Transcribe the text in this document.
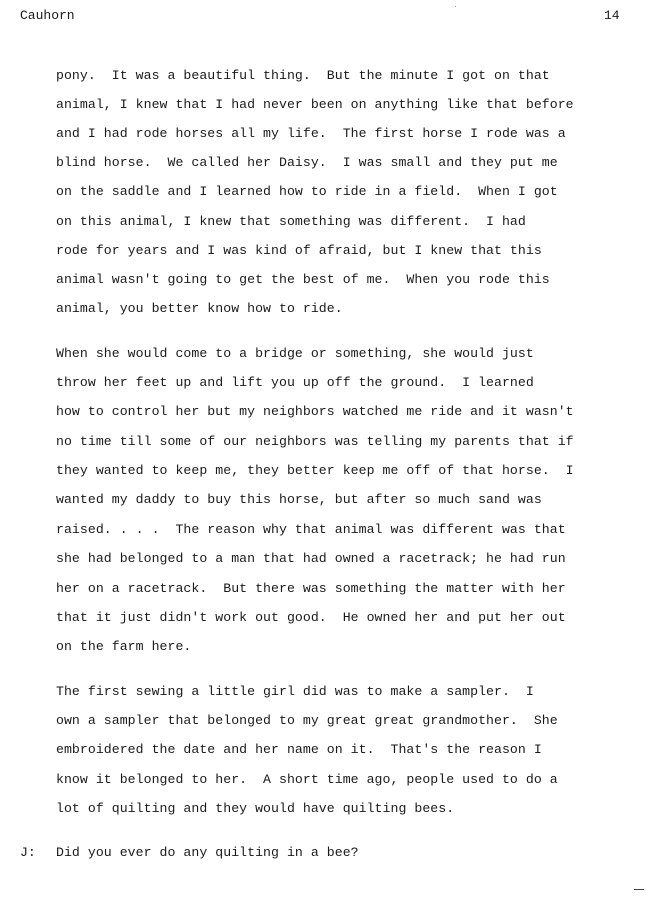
Cauhorn	14
pony.  It was a beautiful thing.  But the minute I got on that
animal, I knew that I had never been on anything like that before
and I had rode horses all my life.  The first horse I rode was a
blind horse.  We called her Daisy.  I was small and they put me
on the saddle and I learned how to ride in a field.  When I got
on this animal, I knew that something was different.  I had
rode for years and I was kind of afraid, but I knew that this
animal wasn't going to get the best of me.  When you rode this
animal, you better know how to ride.
When she would come to a bridge or something, she would just
throw her feet up and lift you up off the ground.  I learned
how to control her but my neighbors watched me ride and it wasn't
no time till some of our neighbors was telling my parents that if
they wanted to keep me, they better keep me off of that horse.  I
wanted my daddy to buy this horse, but after so much sand was
raised. . . .  The reason why that animal was different was that
she had belonged to a man that had owned a racetrack; he had run
her on a racetrack.  But there was something the matter with her
that it just didn't work out good.  He owned her and put her out
on the farm here.
The first sewing a little girl did was to make a sampler.  I
own a sampler that belonged to my great great grandmother.  She
embroidered the date and her name on it.  That's the reason I
know it belonged to her.  A short time ago, people used to do a
lot of quilting and they would have quilting bees.
J: Did you ever do any quilting in a bee?
